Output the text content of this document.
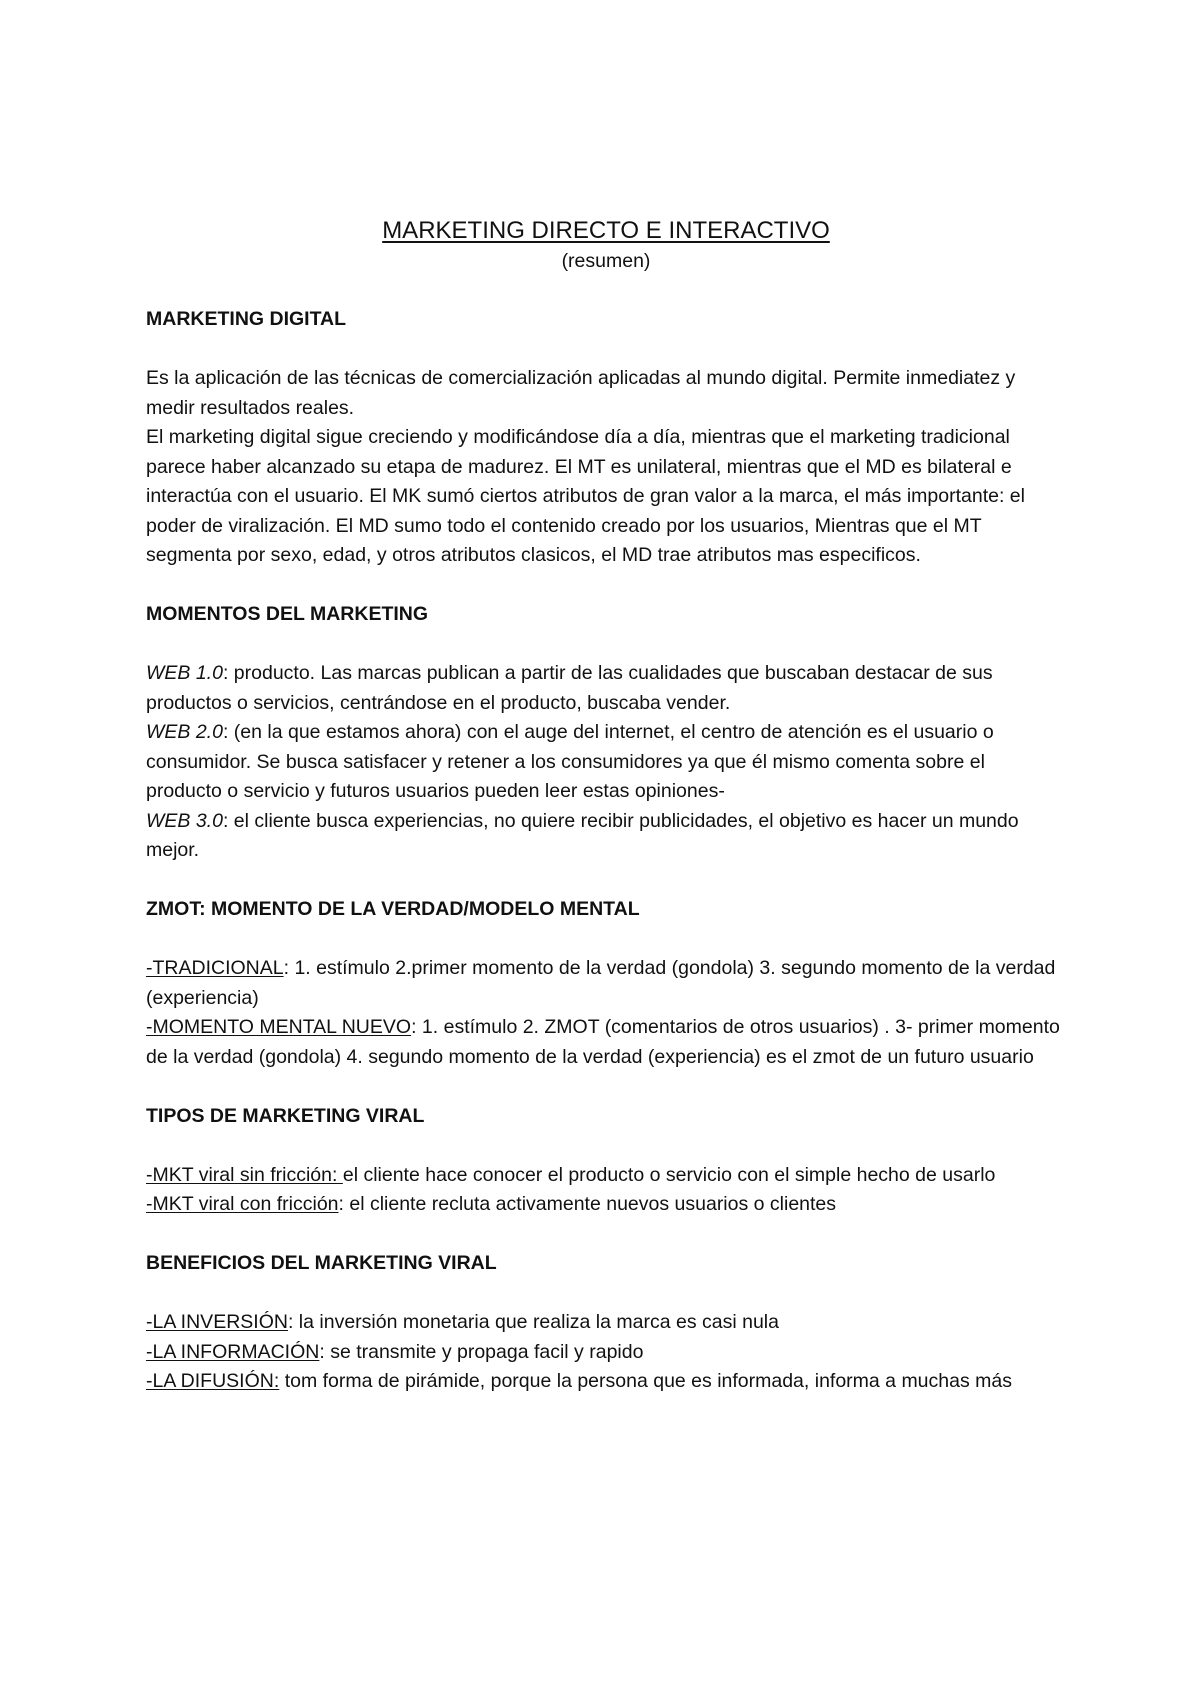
MARKETING DIRECTO E INTERACTIVO

(resumen)

MARKETING DIGITAL

Es la aplicación de las técnicas de comercialización aplicadas al mundo digital. Permite inmediatez y medir resultados reales.

El marketing digital sigue creciendo y modificándose día a día, mientras que el marketing tradicional parece haber alcanzado su etapa de madurez. El MT es unilateral, mientras que el MD es bilateral e interactúa con el usuario. El MK sumó ciertos atributos de gran valor a la marca, el más importante: el poder de viralización. El MD sumo todo el contenido creado por los usuarios, Mientras que el MT segmenta por sexo, edad, y otros atributos clasicos, el MD trae atributos mas especificos.

MOMENTOS DEL MARKETING

WEB 1.0: producto. Las marcas publican a partir de las cualidades que buscaban destacar de sus productos o servicios, centrándose en el producto, buscaba vender.

WEB 2.0: (en la que estamos ahora) con el auge del internet, el centro de atención es el usuario o consumidor. Se busca satisfacer y retener a los consumidores ya que él mismo comenta sobre el producto o servicio y futuros usuarios pueden leer estas opiniones-

WEB 3.0: el cliente busca experiencias, no quiere recibir publicidades, el objetivo es hacer un mundo mejor.

ZMOT: MOMENTO DE LA VERDAD/MODELO MENTAL

-TRADICIONAL: 1. estímulo 2.primer momento de la verdad (gondola) 3. segundo momento de la verdad (experiencia)

-MOMENTO MENTAL NUEVO: 1. estímulo 2. ZMOT (comentarios de otros usuarios) . 3- primer momento de la verdad (gondola) 4. segundo momento de la verdad (experiencia) es el zmot de un futuro usuario

TIPOS DE MARKETING VIRAL

-MKT viral sin fricción: el cliente hace conocer el producto o servicio con el simple hecho de usarlo

-MKT viral con fricción: el cliente recluta activamente nuevos usuarios o clientes

BENEFICIOS DEL MARKETING VIRAL

-LA INVERSIÓN: la inversión monetaria que realiza la marca es casi nula

-LA INFORMACIÓN: se transmite y propaga facil y rapido

-LA DIFUSIÓN: tom forma de pirámide, porque la persona que es informada, informa a muchas más
